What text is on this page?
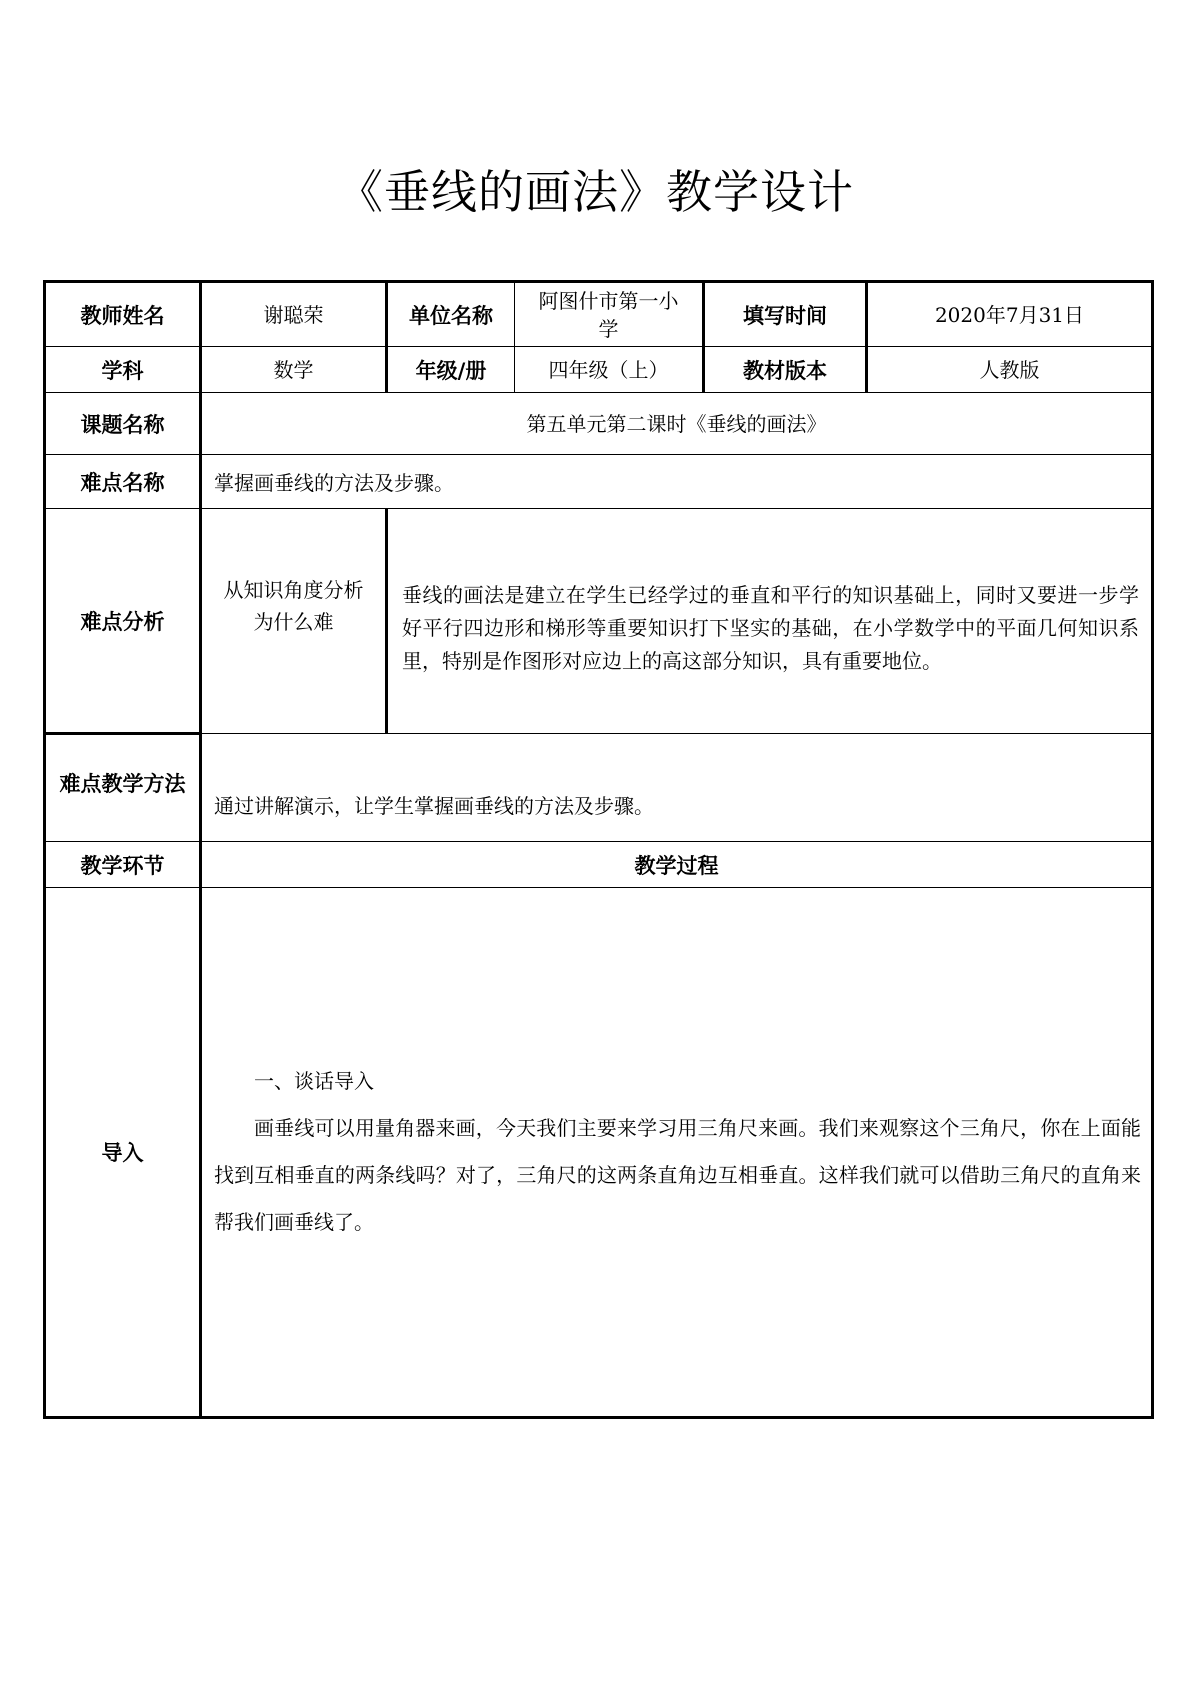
《垂线的画法》教学设计
教师姓名	谢聪荣	单位名称	阿图什市第一小学	填写时间	2020年7月31日
学科	数学	年级/册	四年级（上）	教材版本	人教版
课题名称	第五单元第二课时《垂线的画法》				
难点名称	掌握画垂线的方法及步骤。				
难点分析	从知识角度分析为什么难	垂线的画法是建立在学生已经学过的垂直和平行的知识基础上，同时又要进一步学好平行四边形和梯形等重要知识打下坚实的基础，在小学数学中的平面几何知识系里，特别是作图形对应边上的高这部分知识，具有重要地位。			
难点教学方法	通过讲解演示，让学生掌握画垂线的方法及步骤。				
教学环节	教学过程				
导入	一、谈话导入

画垂线可以用量角器来画，今天我们主要来学习用三角尺来画。我们来观察这个三角尺，你在上面能找到互相垂直的两条线吗？对了，三角尺的这两条直角边互相垂直。这样我们就可以借助三角尺的直角来帮我们画垂线了。				
